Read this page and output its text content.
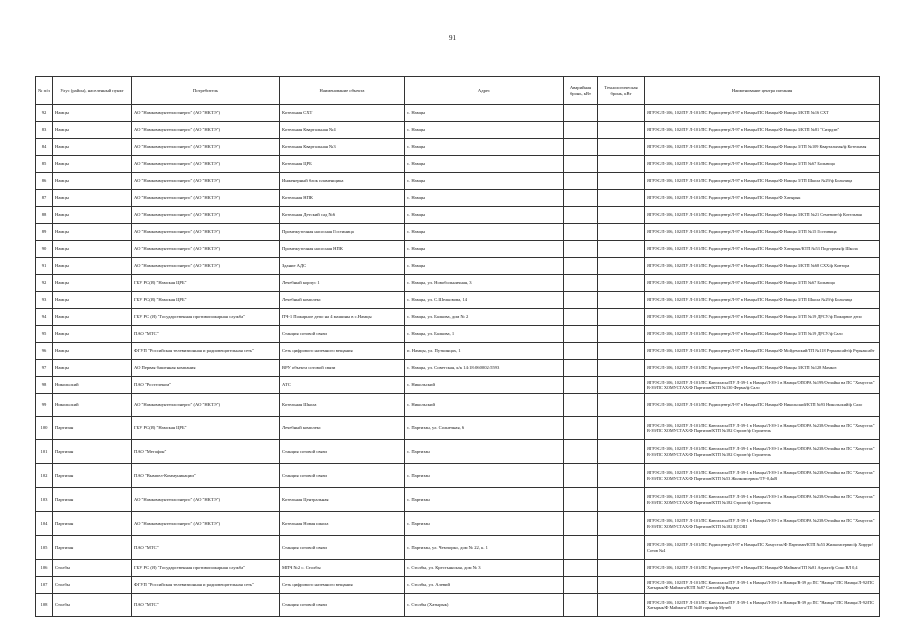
91
№ п/п	Улус (район), населенный пункт	Потребитель	Наименование объекта	Адрес	Аварийная бронь, кВт	Технологическая бронь, кВт	Наименование центра питания
92	Намцы	АО "Намкоммунтеплоэнерго" (АО "НКТЭ")	Котельная СХТ	с. Намцы			ЯГРЭС/Л-106, 102/ПУ Л-101/ПС Радиоцентр/Л-97 в Намцы/ПС Намцы/Ф Намцы 3/КТП №16 СХТ
83	Намцы	АО "Намкоммунтеплоэнерго" (АО "НКТЭ")	Котельная Квартальная №4	с. Намцы			ЯГРЭС/Л-106, 102/ПУ Л-101/ПС Радиоцентр/Л-97 в Намцы/ПС Намцы/Ф Намцы 3/КТП №81 "Сиэрдэн"
84	Намцы	АО "Намкоммунтеплоэнерго" (АО "НКТЭ")	Котельная Квартальная №3	с. Намцы			ЯГРЭС/Л-106, 102/ПУ Л-101/ПС Радиоцентр/Л-97 в Намцы/ПС Намцы/Ф Намцы 3/ТП №109 Квартальная/ф Котельная
85	Намцы	АО "Намкоммунтеплоэнерго" (АО "НКТЭ")	Котельная ЦРБ	с. Намцы			ЯГРЭС/Л-106, 102/ПУ Л-101/ПС Радиоцентр/Л-97 в Намцы/ПС Намцы/Ф Намцы 3/ТП №67 Больница
86	Намцы	АО "Намкоммунтеплоэнерго" (АО "НКТЭ")	Инженерный блок пламенщика	с. Намцы			ЯГРЭС/Л-106, 102/ПУ Л-101/ПС Радиоцентр/Л-97 в Намцы/ПС Намцы/Ф Намцы 3/ТП Школа №29/ф Больница
87	Намцы	АО "Намкоммунтеплоэнерго" (АО "НКТЭ")	Котельная НПК	с. Намцы			ЯГРЭС/Л-106, 102/ПУ Л-101/ПС Радиоцентр/Л-97 в Намцы/ПС Намцы/Ф Хатырык
88	Намцы	АО "Намкоммунтеплоэнерго" (АО "НКТЭ")	Котельная Детский сад №6	с. Намцы			ЯГРЭС/Л-106, 102/ПУ Л-101/ПС Радиоцентр/Л-97 в Намцы/ПС Намцы/Ф Намцы 3/КТП №21 Семеновт/ф Котельная
89	Намцы	АО "Намкоммунтеплоэнерго" (АО "НКТЭ")	Промежуточная насосная Гостиница	с. Намцы			ЯГРЭС/Л-106, 102/ПУ Л-101/ПС Радиоцентр/Л-97 в Намцы/ПС Намцы/Ф Намцы 3/ТП №15 Гостиница
90	Намцы	АО "Намкоммунтеплоэнерго" (АО "НКТЭ")	Промежуточная насосная НПК	с. Намцы			ЯГРЭС/Л-106, 102/ПУ Л-101/ПС Радиоцентр/Л-97 в Намцы/ПС Намцы/Ф Хатырык/КТП №53 Подгорная/ф Школа
91	Намцы	АО "Намкоммунтеплоэнерго" (АО "НКТЭ")	Здание АДС	с. Намцы			ЯГРЭС/Л-106, 102/ПУ Л-101/ПС Радиоцентр/Л-97 в Намцы/ПС Намцы/Ф Намцы 3/КТП №68 СХХ/ф Контора
92	Намцы	ГБУ РС(Я) "Намская ЦРБ"	Лечебный корпус 1	с. Намцы, ул. Новобольничная, 3			ЯГРЭС/Л-106, 102/ПУ Л-101/ПС Радиоцентр/Л-97 в Намцы/ПС Намцы/Ф Намцы 3/ТП №67 Больница
93	Намцы	ГБУ РС(Я) "Намская ЦРБ"	Лечебный комплекс	с. Намцы, ул. С.Шелковова, 14			ЯГРЭС/Л-106, 102/ПУ Л-101/ПС Радиоцентр/Л-97 в Намцы/ПС Намцы/Ф Намцы 3/ТП Школа №29/ф Больница
94	Намцы	ГБУ РС (Я) "Государственная противопожарная служба"	ПЧ-1 Пожарное депо на 4 машины в с.Намцы	с. Намцы, ул. Балкова, дом № 2			ЯГРЭС/Л-106, 102/ПУ Л-101/ПС Радиоцентр/Л-97 в Намцы/ПС Намцы/Ф Намцы 3/ТП №19 ДРСУ/ф Пожарное депо
95	Намцы	ПАО "МТС"	Станция сотовой связи	с. Намцы, ул. Балкова, 1			ЯГРЭС/Л-106, 102/ПУ Л-101/ПС Радиоцентр/Л-97 в Намцы/ПС Намцы/Ф Намцы 3/ТП №19 ДРСУ/ф Сало
96	Намцы	ФГУП "Российская телевизионная и радиовещательная сеть"	Сеть цифрового наземного вещания	п. Намцы, ул. Путкинцах, 1			ЯГРЭС/Л-106, 102/ПУ Л-101/ПС Радиоцентр/Л-97 в Намцы/ПС Намцы/Ф Мойдемский/ТП №118 Ртрыаксайт/ф Ртрыаксайт
97	Намцы	АО Первая башенная компания	ВРУ объекта сотовой связи	с. Намцы, ул. Советская, к/к 14:18:060002:5593			ЯГРЭС/Л-106, 102/ПУ Л-101/ПС Радиоцентр/Л-97 в Намцы/ПС Намцы/Ф Намцы 3/КТП №128 Мамкоз
98	Никольский	ПАО "Ростелеком"	АТС	с. Никольский			ЯГРЭС/Л-106, 102/ПУ Л-101/ПС Кангаласы/ПУ Л-39-1 в Намцы/Л-39-1 в Намцы/ОПОРА №199/Отпайка на ПС "Хомустах" В-39/ПС ХОМУСТАХ/Ф Партизан/КТП №130 Ферма/ф Сало
99	Никольский	АО "Намкоммунтеплоэнерго" (АО "НКТЭ")	Котельная Школа	с. Никольский			ЯГРЭС/Л-106, 102/ПУ Л-101/ПС Радиоцентр/Л-97 в Намцы/ПС Намцы/Ф Никольский/КТП №93 Никольский/ф Сало
100	Партизан	ГБУ РС(Я) "Намская ЦРБ"	Лечебный комплекс	с. Партизан, ул. Солнечная, 6			ЯГРЭС/Л-106, 102/ПУ Л-101/ПС Кангаласы/ПУ Л-39-1 в Намцы/Л-39-1 в Намцы/ОПОРА №238/Отпайка на ПС "Хомустах" В-39/ПС ХОМУСТАХ/Ф Партизан/КТП №182 Строит/ф Строитель
101	Партизан	ПАО "Мегафон"	Станция сотовой связи	с. Партизан			ЯГРЭС/Л-106, 102/ПУ Л-101/ПС Кангаласы/ПУ Л-39-1 в Намцы/Л-39-1 в Намцы/ОПОРА №238/Отпайка на ПС "Хомустах" В-39/ПС ХОМУСТАХ/Ф Партизан/КТП №182 Строит/ф Строитель
102	Партизан	ПАО "Вымпел-Коммуникации"	Станция сотовой связи	с. Партизан			ЯГРЭС/Л-106, 102/ПУ Л-101/ПС Кангаласы/ПУ Л-39-1 в Намцы/Л-39-1 в Намцы/ОПОРА №238/Отпайка на ПС "Хомустах" В-39/ПС ХОМУСТАХ/Ф Партизан/КТП №53 Жилкомсервис/ТУ-0,4кВ
103	Партизан	АО "Намкоммунтеплоэнерго" (АО "НКТЭ")	Котельная Центральная	с. Партизан			ЯГРЭС/Л-106, 102/ПУ Л-101/ПС Кангаласы/ПУ Л-39-1 в Намцы/Л-39-1 в Намцы/ОПОРА №238/Отпайка на ПС "Хомустах" В-39/ПС ХОМУСТАХ/Ф Партизан/КТП №182 Строит/ф Строитель
104	Партизан	АО "Намкоммунтеплоэнерго" (АО "НКТЭ")	Котельная Новая школа	с. Партизан			ЯГРЭС/Л-106, 102/ПУ Л-101/ПС Кангаласы/ПУ Л-39-1 в Намцы/Л-39-1 в Намцы/ОПОРА №238/Отпайка на ПС "Хомустах" В-39/ПС ХОМУСТАХ/Ф Партизан/КТП №182 ЦСОШ
105	Партизан	ПАО "МТС"	Станция сотовой связи	с. Партизан, ул. Чемчорко, дом № 22, к. 1			ЯГРЭС/Л-106, 102/ПУ Л-101/ПС Радиоцентр/Л-97 в Намцы/ПС Хомустах/Ф Партизан/КТП №53 Жилкомсервис/ф Хирург/Сотов №4
106	Столбы	ГБУ РС (Я) "Государственная противопожарная служба"	МПЧ №2 с. Столбы	с. Столбы, ул. Крестьянская, дом № 3			ЯГРЭС/Л-106, 102/ПУ Л-101/ПС Радиоцентр/Л-97 в Намцы/ПС Намцы/Ф Маймага/ТП №81 Аграхт/ф Соко ВЛ 0,4
107	Столбы	ФГУП "Российская телевизионная и радиовещательная сеть"	Сеть цифрового наземного вещания	с. Столбы, ул. Алевий			ЯГРЭС/Л-106, 102/ПУ Л-101/ПС Кангаласы/ПУ Л-39-1 в Намцы/Л-39-1 в Намцы/В-39 до ПС "Намцы"/ПС Намцы/Л-92/ПС Хатырык/Ф Маймага/КТП №87 Сатагай/ф Выдача
108	Столбы	ПАО "МТС"	Станция сотовой связи	с. Столбы (Хатырык)			ЯГРЭС/Л-106, 102/ПУ Л-101/ПС Кангаласы/ПУ Л-39-1 в Намцы/Л-39-1 в Намцы/В-39 до ПС "Намцы"/ПС Намцы/Л-92/ПС Хатырык/Ф Маймага/ТП №40 гараж/ф Музей
